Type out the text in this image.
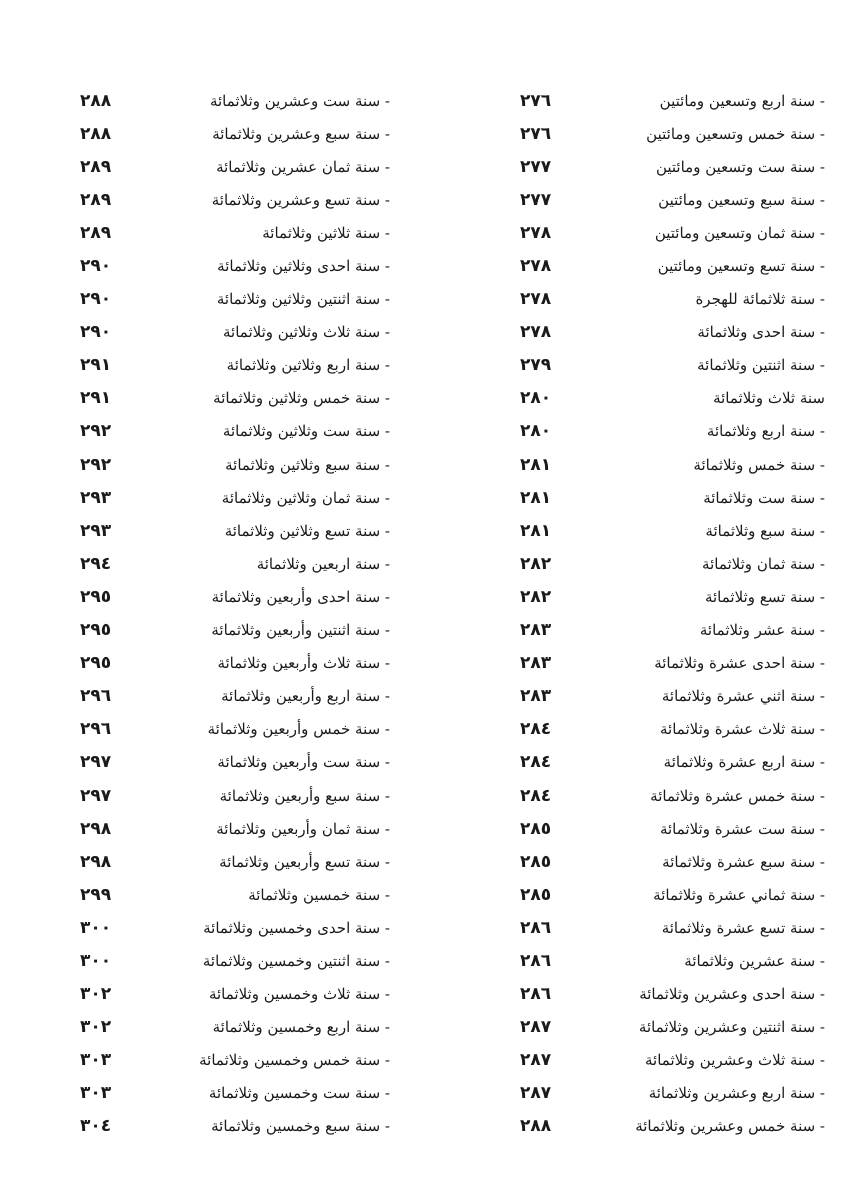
٢٧٦	- سنة اربع وتسعين ومائتين
٢٧٦	- سنة خمس وتسعين ومائتين
٢٧٧	- سنة ست وتسعين ومائتين
٢٧٧	- سنة سبع وتسعين ومائتين
٢٧٨	- سنة ثمان وتسعين ومائتين
٢٧٨	- سنة تسع وتسعين ومائتين
٢٧٨	- سنة ثلاثمائة للهجرة
٢٧٨	- سنة احدى وثلاثمائة
٢٧٩	- سنة اثنتين وثلاثمائة
٢٨٠	سنة ثلاث وثلاثمائة
٢٨٠	- سنة اربع وثلاثمائة
٢٨١	- سنة خمس وثلاثمائة
٢٨١	- سنة ست وثلاثمائة
٢٨١	- سنة سبع وثلاثمائة
٢٨٢	- سنة ثمان وثلاثمائة
٢٨٢	- سنة تسع وثلاثمائة
٢٨٣	- سنة عشر وثلاثمائة
٢٨٣	- سنة احدى عشرة وثلاثمائة
٢٨٣	- سنة اثني عشرة وثلاثمائة
٢٨٤	- سنة ثلاث عشرة وثلاثمائة
٢٨٤	- سنة اربع عشرة وثلاثمائة
٢٨٤	- سنة خمس عشرة وثلاثمائة
٢٨٥	- سنة ست عشرة وثلاثمائة
٢٨٥	- سنة سبع عشرة وثلاثمائة
٢٨٥	- سنة ثماني عشرة وثلاثمائة
٢٨٦	- سنة تسع عشرة وثلاثمائة
٢٨٦	- سنة عشرين وثلاثمائة
٢٨٦	- سنة احدى وعشرين وثلاثمائة
٢٨٧	- سنة اثنتين وعشرين وثلاثمائة
٢٨٧	- سنة ثلاث وعشرين وثلاثمائة
٢٨٧	- سنة اربع وعشرين وثلاثمائة
٢٨٨	- سنة خمس وعشرين وثلاثمائة
٢٨٨	- سنة ست وعشرين وثلاثمائة
٢٨٨	- سنة سبع وعشرين وثلاثمائة
٢٨٩	- سنة ثمان عشرين وثلاثمائة
٢٨٩	- سنة تسع وعشرين وثلاثمائة
٢٨٩	- سنة ثلاثين وثلاثمائة
٢٩٠	- سنة احدى وثلاثين وثلاثمائة
٢٩٠	- سنة اثنتين وثلاثين وثلاثمائة
٢٩٠	- سنة ثلاث وثلاثين وثلاثمائة
٢٩١	- سنة اربع وثلاثين وثلاثمائة
٢٩١	- سنة خمس وثلاثين وثلاثمائة
٢٩٢	- سنة ست وثلاثين وثلاثمائة
٢٩٢	- سنة سبع وثلاثين وثلاثمائة
٢٩٣	- سنة ثمان وثلاثين وثلاثمائة
٢٩٣	- سنة تسع وثلاثين وثلاثمائة
٢٩٤	- سنة اربعين وثلاثمائة
٢٩٥	- سنة احدى وأربعين وثلاثمائة
٢٩٥	- سنة اثنتين وأربعين وثلاثمائة
٢٩٥	- سنة ثلاث وأربعين وثلاثمائة
٢٩٦	- سنة اربع وأربعين وثلاثمائة
٢٩٦	- سنة خمس وأربعين وثلاثمائة
٢٩٧	- سنة ست وأربعين وثلاثمائة
٢٩٧	- سنة سبع وأربعين وثلاثمائة
٢٩٨	- سنة ثمان وأربعين وثلاثمائة
٢٩٨	- سنة تسع وأربعين وثلاثمائة
٢٩٩	- سنة خمسين وثلاثمائة
٣٠٠	- سنة احدى وخمسين وثلاثمائة
٣٠٠	- سنة اثنتين وخمسين وثلاثمائة
٣٠٢	- سنة ثلاث وخمسين وثلاثمائة
٣٠٢	- سنة اربع وخمسين وثلاثمائة
٣٠٣	- سنة خمس وخمسين وثلاثمائة
٣٠٣	- سنة ست وخمسين وثلاثمائة
٣٠٤	- سنة سبع وخمسين وثلاثمائة
